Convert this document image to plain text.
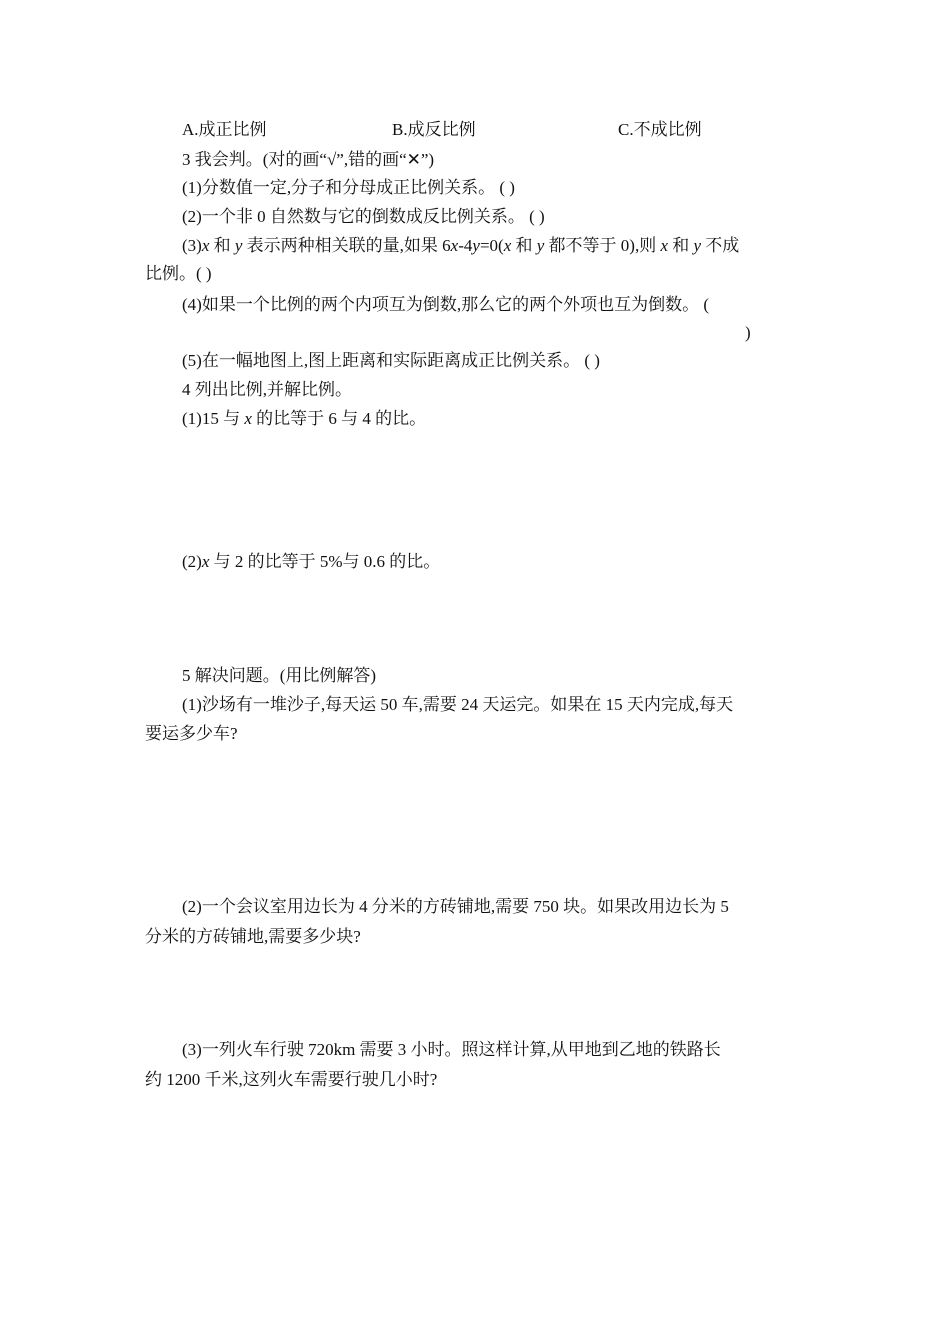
A.成正比例	B.成反比例	C.不成比例
3 我会判。(对的画“√”,错的画“✕”)
(1)分数值一定,分子和分母成正比例关系。 ( )
(2)一个非 0 自然数与它的倒数成反比例关系。 ( )
(3)x 和 y 表示两种相关联的量,如果 6x-4y=0(x 和 y 都不等于 0),则 x 和 y 不成
比例。( )
(4)如果一个比例的两个内项互为倒数,那么它的两个外项也互为倒数。 (
)
(5)在一幅地图上,图上距离和实际距离成正比例关系。 ( )
4 列出比例,并解比例。
(1)15 与 x 的比等于 6 与 4 的比。
(2)x 与 2 的比等于 5%与 0.6 的比。
5 解决问题。(用比例解答)
(1)沙场有一堆沙子,每天运 50 车,需要 24 天运完。如果在 15 天内完成,每天
要运多少车?
(2)一个会议室用边长为 4 分米的方砖铺地,需要 750 块。如果改用边长为 5
分米的方砖铺地,需要多少块?
(3)一列火车行驶 720km 需要 3 小时。照这样计算,从甲地到乙地的铁路长
约 1200 千米,这列火车需要行驶几小时?
